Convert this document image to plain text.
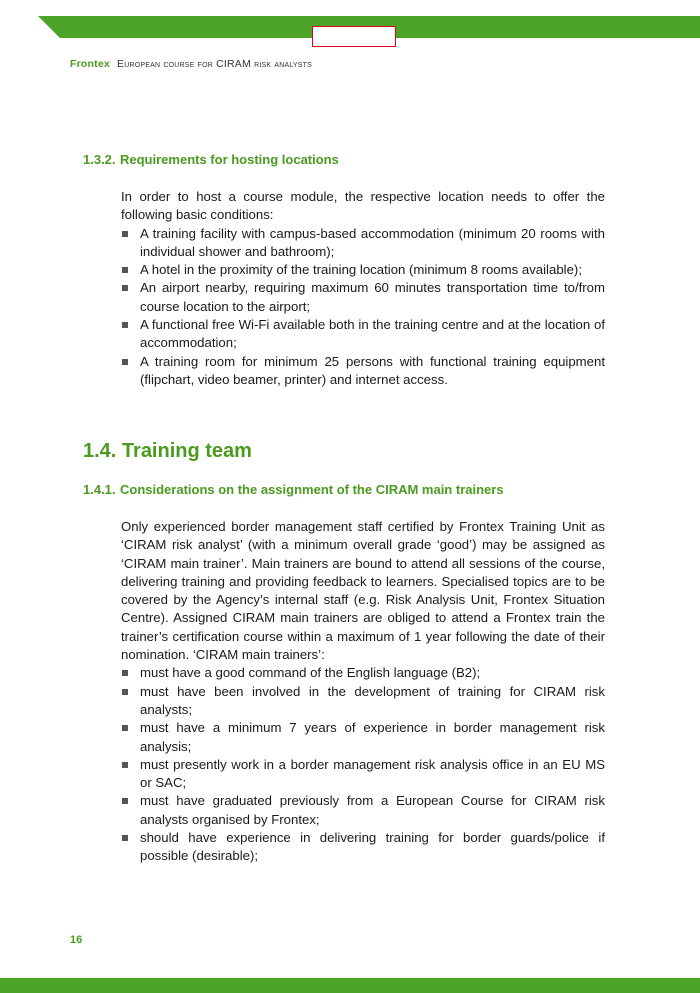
Frontex European course for CIRAM risk analysts
1.3.2. Requirements for hosting locations

In order to host a course module, the respective location needs to offer the following basic conditions:

A training facility with campus-based accommodation (minimum 20 rooms with individual shower and bathroom);
A hotel in the proximity of the training location (minimum 8 rooms available);
An airport nearby, requiring maximum 60 minutes transportation time to/from course location to the airport;
A functional free Wi-Fi available both in the training centre and at the location of accommodation;
A training room for minimum 25 persons with functional training equipment (flipchart, video beamer, printer) and internet access.
1.4. Training team
1.4.1. Considerations on the assignment of the CIRAM main trainers

Only experienced border management staff certified by Frontex Training Unit as ‘CIRAM risk analyst’ (with a minimum overall grade ‘good’) may be assigned as ‘CIRAM main trainer’. Main trainers are bound to attend all sessions of the course, delivering training and providing feedback to learners. Specialised topics are to be covered by the Agency’s internal staff (e.g. Risk Analysis Unit, Frontex Situation Centre). Assigned CIRAM main trainers are obliged to attend a Frontex train the trainer’s certification course within a maximum of 1 year following the date of their nomination. ‘CIRAM main trainers’:

must have a good command of the English language (B2);
must have been involved in the development of training for CIRAM risk analysts;
must have a minimum 7 years of experience in border management risk analysis;
must presently work in a border management risk analysis office in an EU MS or SAC;
must have graduated previously from a European Course for CIRAM risk analysts organised by Frontex;
should have experience in delivering training for border guards/police if possible (desirable);
16
